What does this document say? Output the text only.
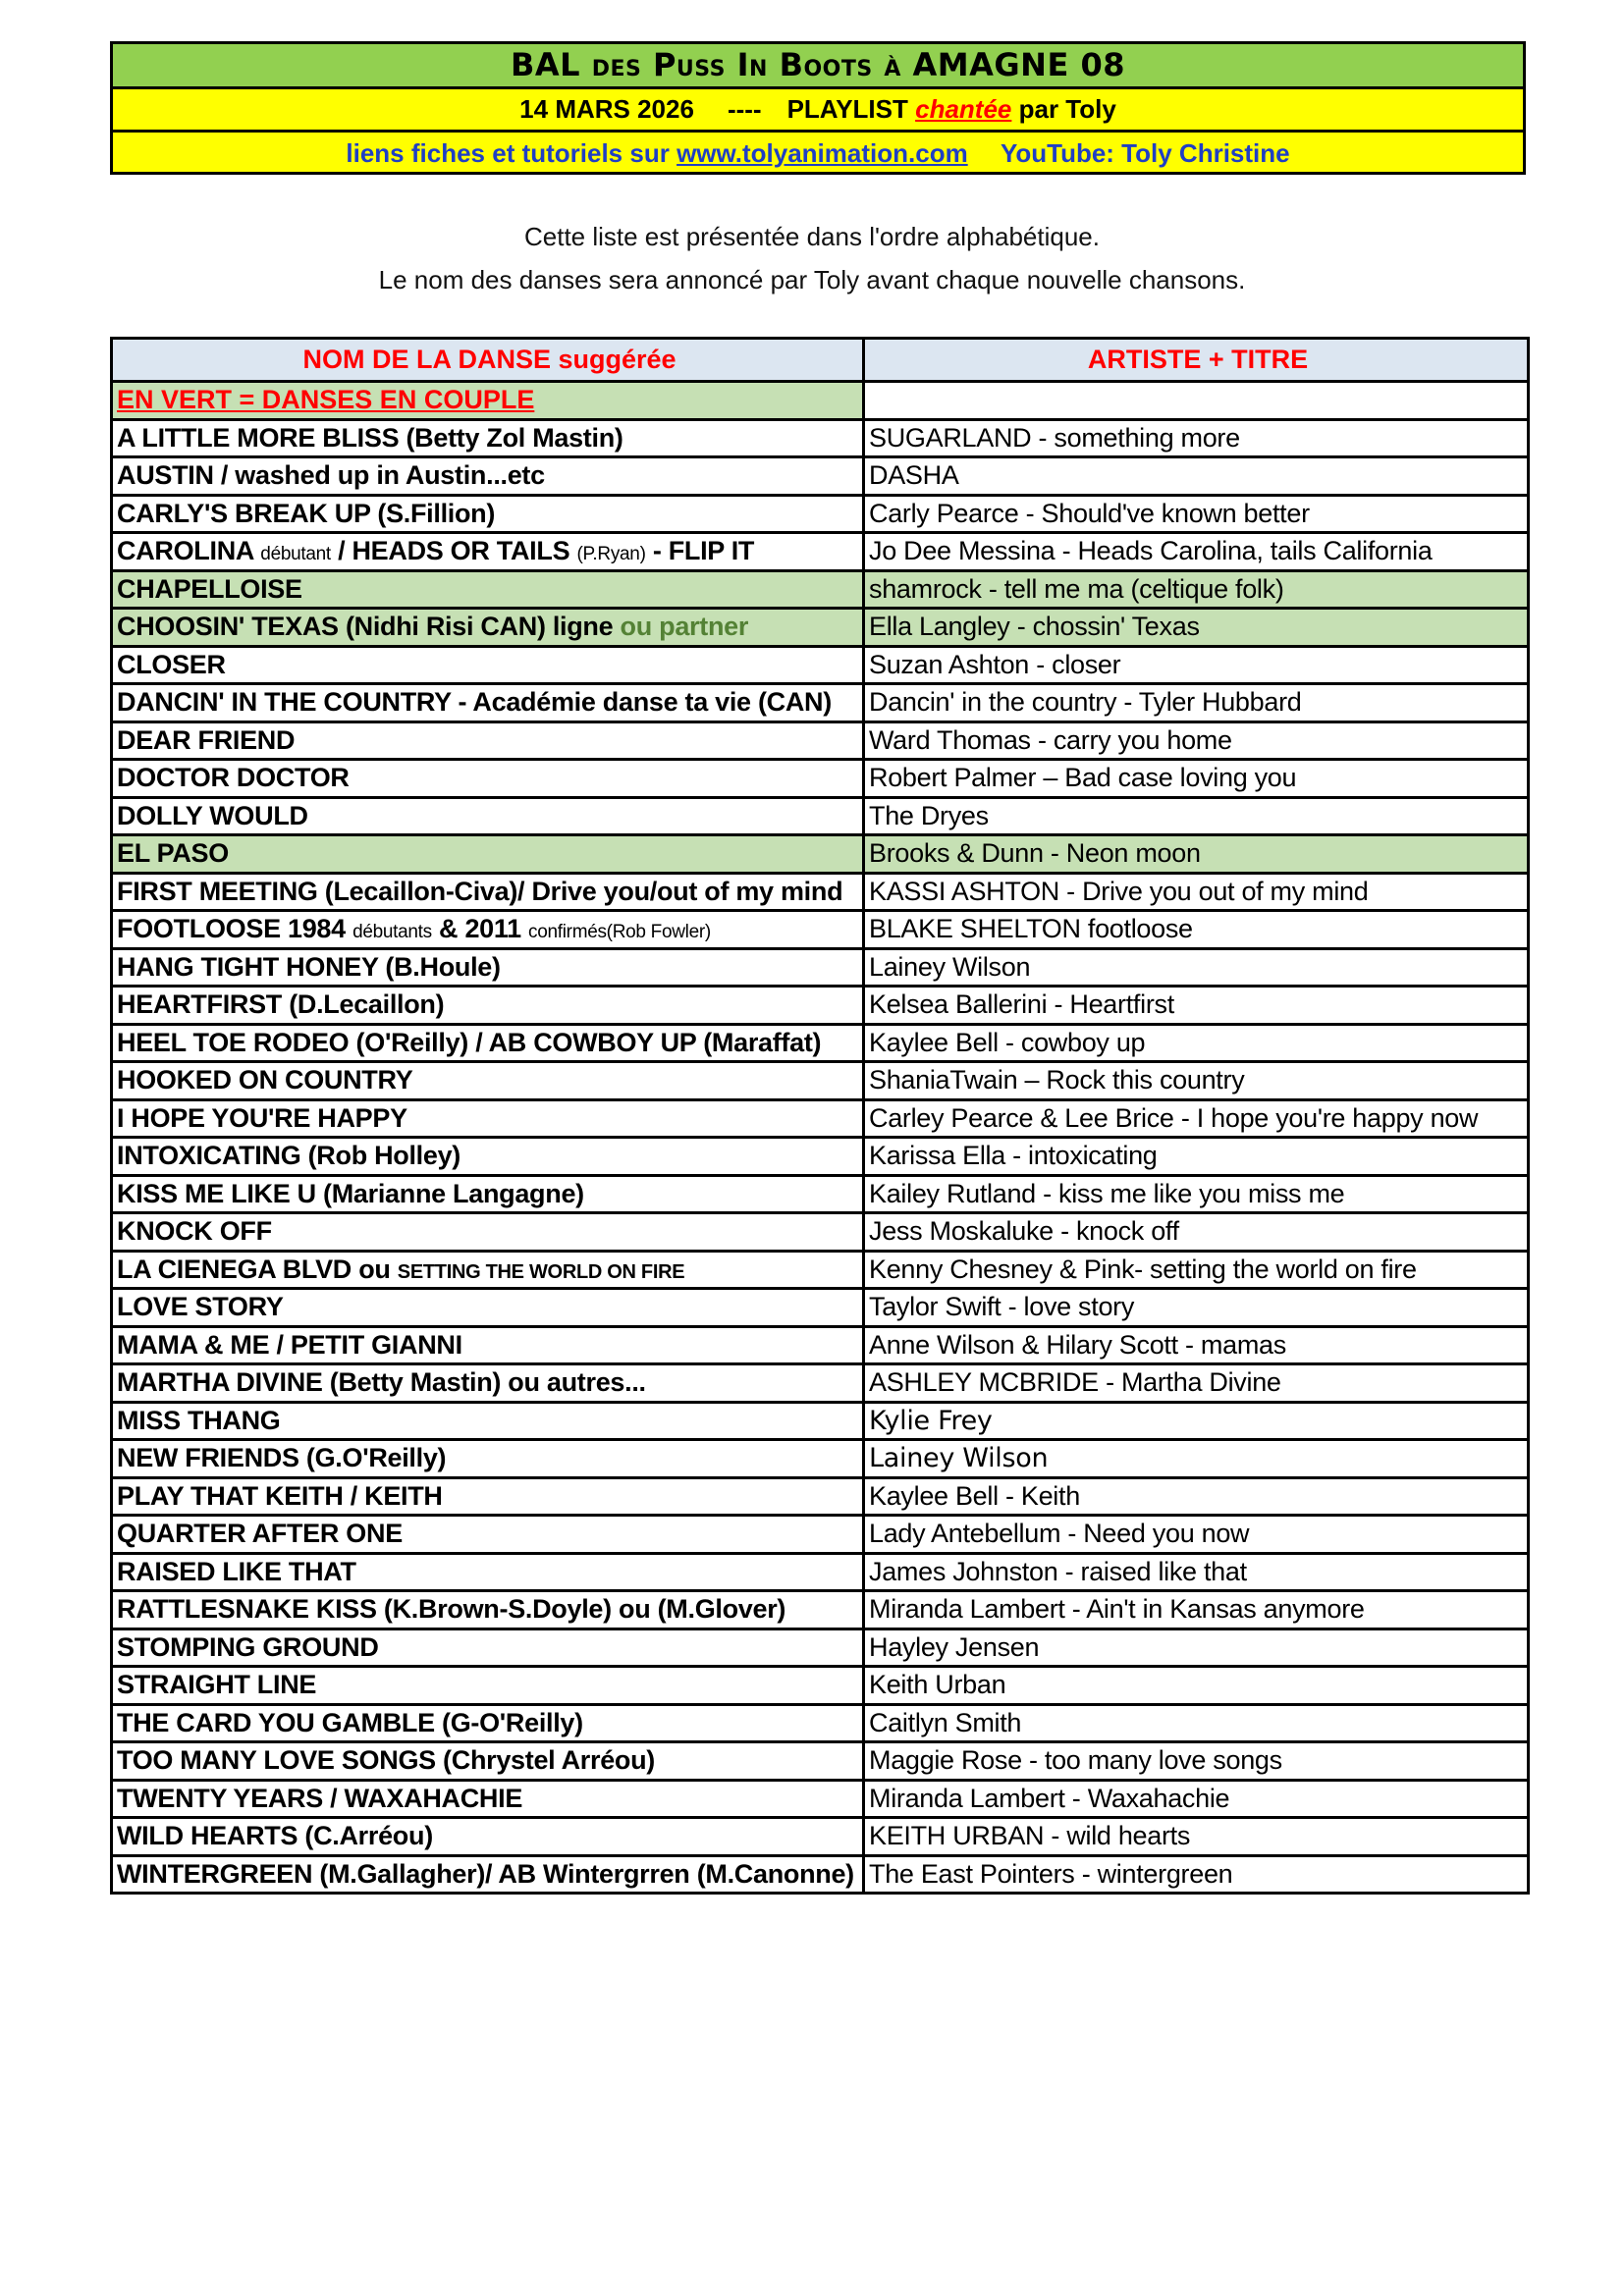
BAL des Puss In Boots à AMAGNE 08
14 MARS 2026 ---- PLAYLIST chantée par Toly
liens fiches et tutoriels sur www.tolyanimation.com YouTube: Toly Christine
Cette liste est présentée dans l'ordre alphabétique.
Le nom des danses sera annoncé par Toly avant chaque nouvelle chansons.
NOM DE LA DANSE suggérée	ARTISTE + TITRE
EN VERT = DANSES EN COUPLE	
A LITTLE MORE BLISS (Betty Zol Mastin)	SUGARLAND - something more
AUSTIN / washed up in Austin...etc	DASHA
CARLY'S BREAK UP (S.Fillion)	Carly Pearce - Should've known better
CAROLINA débutant / HEADS OR TAILS (P.Ryan) - FLIP IT	Jo Dee Messina - Heads Carolina, tails California
CHAPELLOISE	shamrock - tell me ma (celtique folk)
CHOOSIN' TEXAS (Nidhi Risi CAN) ligne ou partner	Ella Langley - chossin' Texas
CLOSER	Suzan Ashton - closer
DANCIN' IN THE COUNTRY - Académie danse ta vie (CAN)	Dancin' in the country - Tyler Hubbard
DEAR FRIEND	Ward Thomas - carry you home
DOCTOR DOCTOR	Robert Palmer – Bad case loving you
DOLLY WOULD	The Dryes
EL PASO	Brooks & Dunn - Neon moon
FIRST MEETING (Lecaillon-Civa)/ Drive you/out of my mind	KASSI ASHTON - Drive you out of my mind
FOOTLOOSE 1984 débutants & 2011 confirmés(Rob Fowler)	BLAKE SHELTON footloose
HANG TIGHT HONEY (B.Houle)	Lainey Wilson
HEARTFIRST (D.Lecaillon)	Kelsea Ballerini - Heartfirst
HEEL TOE RODEO (O'Reilly) / AB COWBOY UP (Maraffat)	Kaylee Bell - cowboy up
HOOKED ON COUNTRY	ShaniaTwain – Rock this country
I HOPE YOU'RE HAPPY	Carley Pearce & Lee Brice - I hope you're happy now
INTOXICATING (Rob Holley)	Karissa Ella - intoxicating
KISS ME LIKE U (Marianne Langagne)	Kailey Rutland - kiss me like you miss me
KNOCK OFF	Jess Moskaluke - knock off
LA CIENEGA BLVD ou SETTING THE WORLD ON FIRE	Kenny Chesney & Pink- setting the world on fire
LOVE STORY	Taylor Swift - love story
MAMA & ME / PETIT GIANNI	Anne Wilson & Hilary Scott - mamas
MARTHA DIVINE (Betty Mastin) ou autres...	ASHLEY MCBRIDE - Martha Divine
MISS THANG	Kylie Frey
NEW FRIENDS (G.O'Reilly)	Lainey Wilson
PLAY THAT KEITH / KEITH	Kaylee Bell - Keith
QUARTER AFTER ONE	Lady Antebellum - Need you now
RAISED LIKE THAT	James Johnston - raised like that
RATTLESNAKE KISS (K.Brown-S.Doyle) ou (M.Glover)	Miranda Lambert - Ain't in Kansas anymore
STOMPING GROUND	Hayley Jensen
STRAIGHT LINE	Keith Urban
THE CARD YOU GAMBLE (G-O'Reilly)	Caitlyn Smith
TOO MANY LOVE SONGS (Chrystel Arréou)	Maggie Rose - too many love songs
TWENTY YEARS / WAXAHACHIE	Miranda Lambert - Waxahachie
WILD HEARTS (C.Arréou)	KEITH URBAN - wild hearts
WINTERGREEN (M.Gallagher)/ AB Wintergrren (M.Canonne)	The East Pointers - wintergreen
